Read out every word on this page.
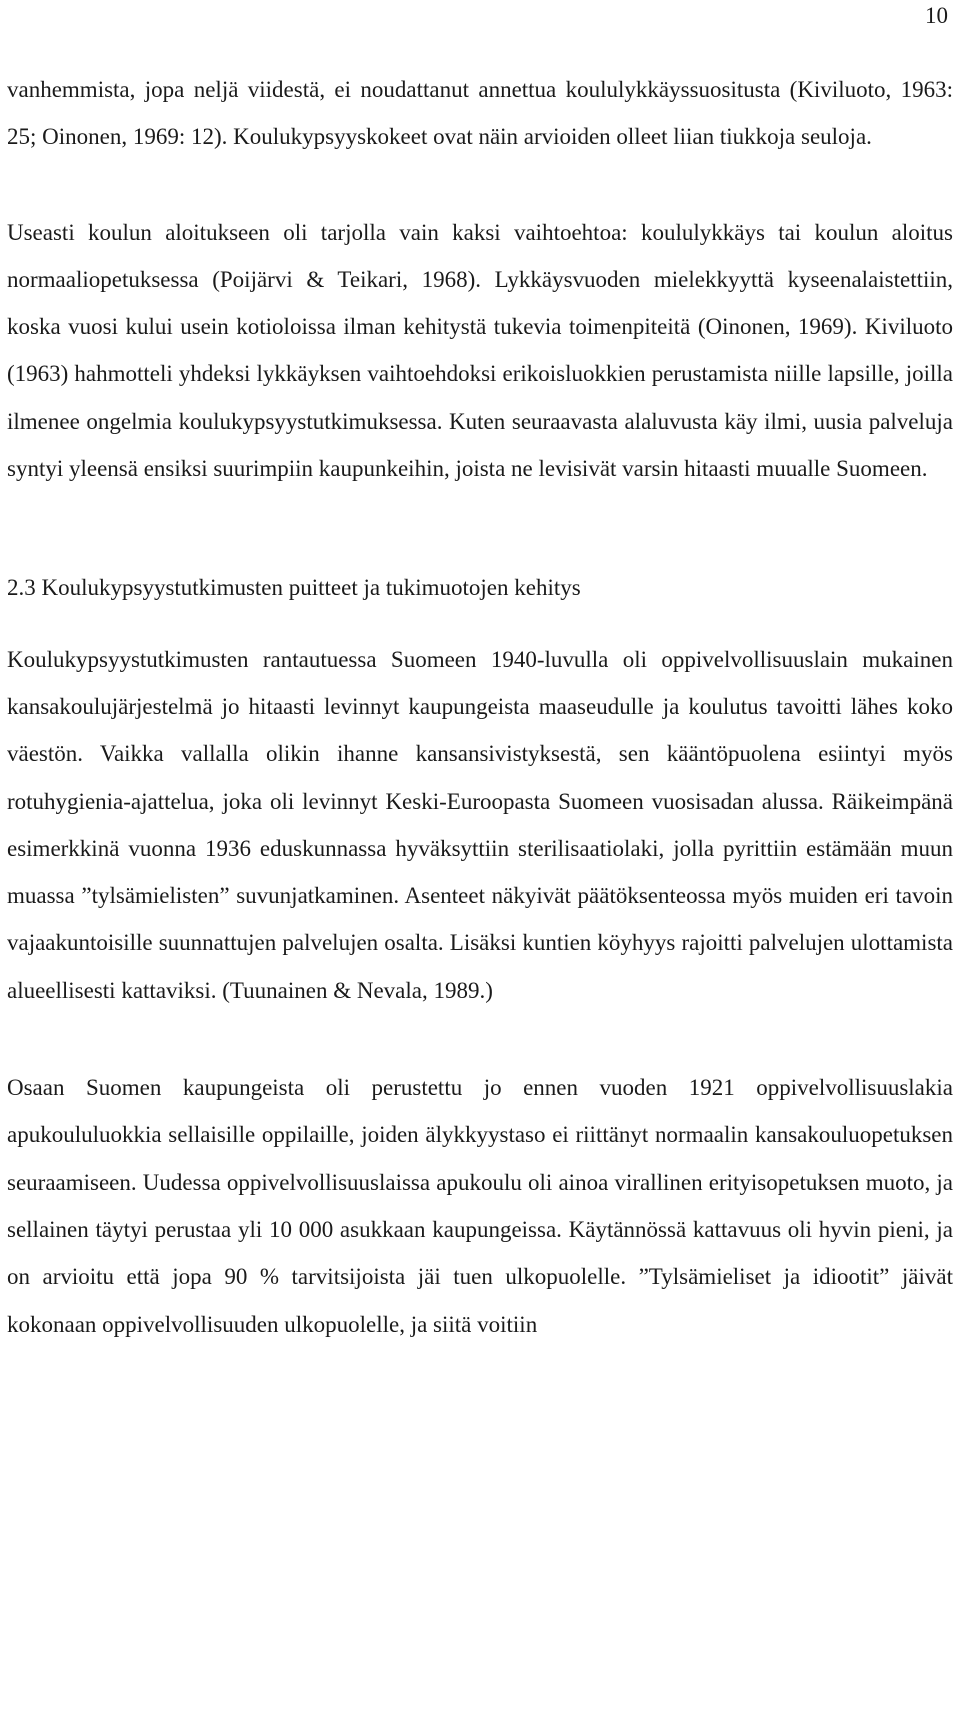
10

vanhemmista, jopa neljä viidestä, ei noudattanut annettua koululykkäyssuositusta (Kiviluoto, 1963: 25; Oinonen, 1969: 12). Koulukypsyyskokeet ovat näin arvioiden olleet liian tiukkoja seuloja.

Useasti koulun aloitukseen oli tarjolla vain kaksi vaihtoehtoa: koululykkäys tai koulun aloitus normaaliopetuksessa (Poijärvi & Teikari, 1968). Lykkäysvuoden mielekkyyttä kyseenalaistettiin, koska vuosi kului usein kotioloissa ilman kehitystä tukevia toimenpiteitä (Oinonen, 1969). Kiviluoto (1963) hahmotteli yhdeksi lykkäyksen vaihtoehdoksi erikoisluokkien perustamista niille lapsille, joilla ilmenee ongelmia koulukypsyystutkimuksessa. Kuten seuraavasta alaluvusta käy ilmi, uusia palveluja syntyi yleensä ensiksi suurimpiin kaupunkeihin, joista ne levisivät varsin hitaasti muualle Suomeen.

2.3 Koulukypsyystutkimusten puitteet ja tukimuotojen kehitys

Koulukypsyystutkimusten rantautuessa Suomeen 1940-luvulla oli oppivelvollisuuslain mukainen kansakoulujärjestelmä jo hitaasti levinnyt kaupungeista maaseudulle ja koulutus tavoitti lähes koko väestön. Vaikka vallalla olikin ihanne kansansivistyksestä, sen kääntöpuolena esiintyi myös rotuhygienia-ajattelua, joka oli levinnyt Keski-Euroopasta Suomeen vuosisadan alussa. Räikeimpänä esimerkkinä vuonna 1936 eduskunnassa hyväksyttiin sterilisaatiolaki, jolla pyrittiin estämään muun muassa ”tylsämielisten” suvunjatkaminen. Asenteet näkyivät päätöksenteossa myös muiden eri tavoin vajaakuntoisille suunnattujen palvelujen osalta. Lisäksi kuntien köyhyys rajoitti palvelujen ulottamista alueellisesti kattaviksi. (Tuunainen & Nevala, 1989.)

Osaan Suomen kaupungeista oli perustettu jo ennen vuoden 1921 oppivelvollisuuslakia apukoululuokkia sellaisille oppilaille, joiden älykkyystaso ei riittänyt normaalin kansakouluopetuksen seuraamiseen. Uudessa oppivelvollisuuslaissa apukoulu oli ainoa virallinen erityisopetuksen muoto, ja sellainen täytyi perustaa yli 10 000 asukkaan kaupungeissa. Käytännössä kattavuus oli hyvin pieni, ja on arvioitu että jopa 90 % tarvitsijoista jäi tuen ulkopuolelle. ”Tylsämieliset ja idiootit” jäivät kokonaan oppivelvollisuuden ulkopuolelle, ja siitä voitiin
